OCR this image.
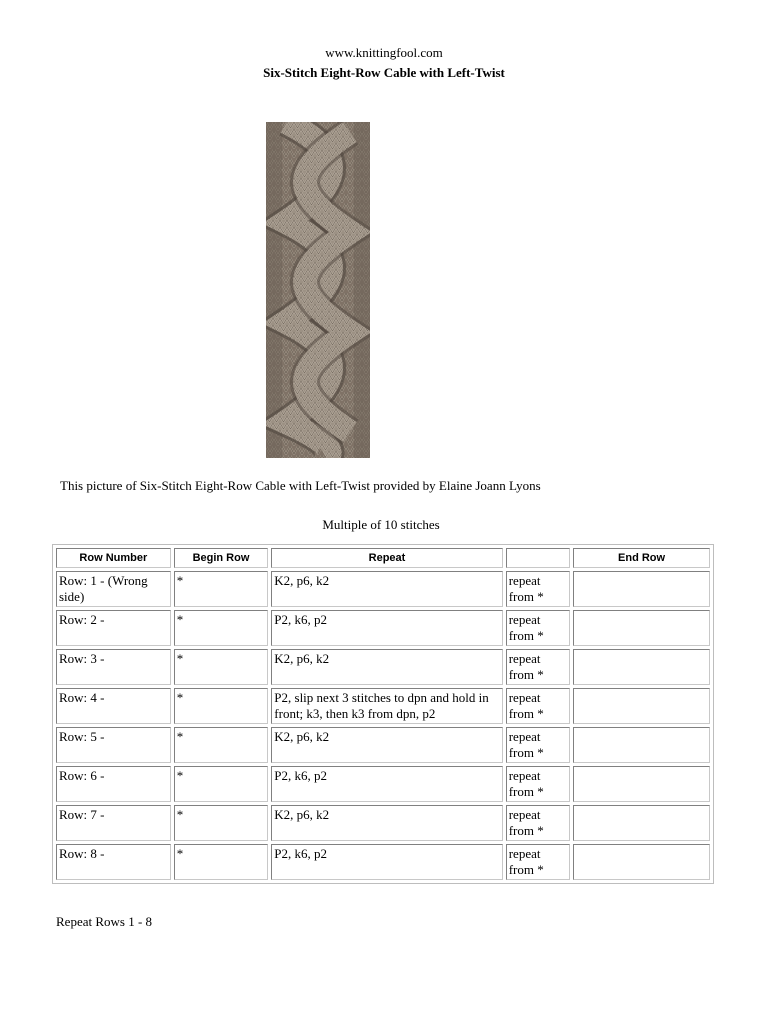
www.knittingfool.com
Six-Stitch Eight-Row Cable with Left-Twist
This picture of Six-Stitch Eight-Row Cable with Left-Twist provided by Elaine Joann Lyons
Multiple of 10 stitches
Row Number	Begin Row	Repeat		End Row
Row: 1 - (Wrong side)	*	K2, p6, k2	repeat from *	
Row: 2 -	*	P2, k6, p2	repeat from *	
Row: 3 -	*	K2, p6, k2	repeat from *	
Row: 4 -	*	P2, slip next 3 stitches to dpn and hold in front; k3, then k3 from dpn, p2	repeat from *	
Row: 5 -	*	K2, p6, k2	repeat from *	
Row: 6 -	*	P2, k6, p2	repeat from *	
Row: 7 -	*	K2, p6, k2	repeat from *	
Row: 8 -	*	P2, k6, p2	repeat from *	
Repeat Rows 1 - 8
